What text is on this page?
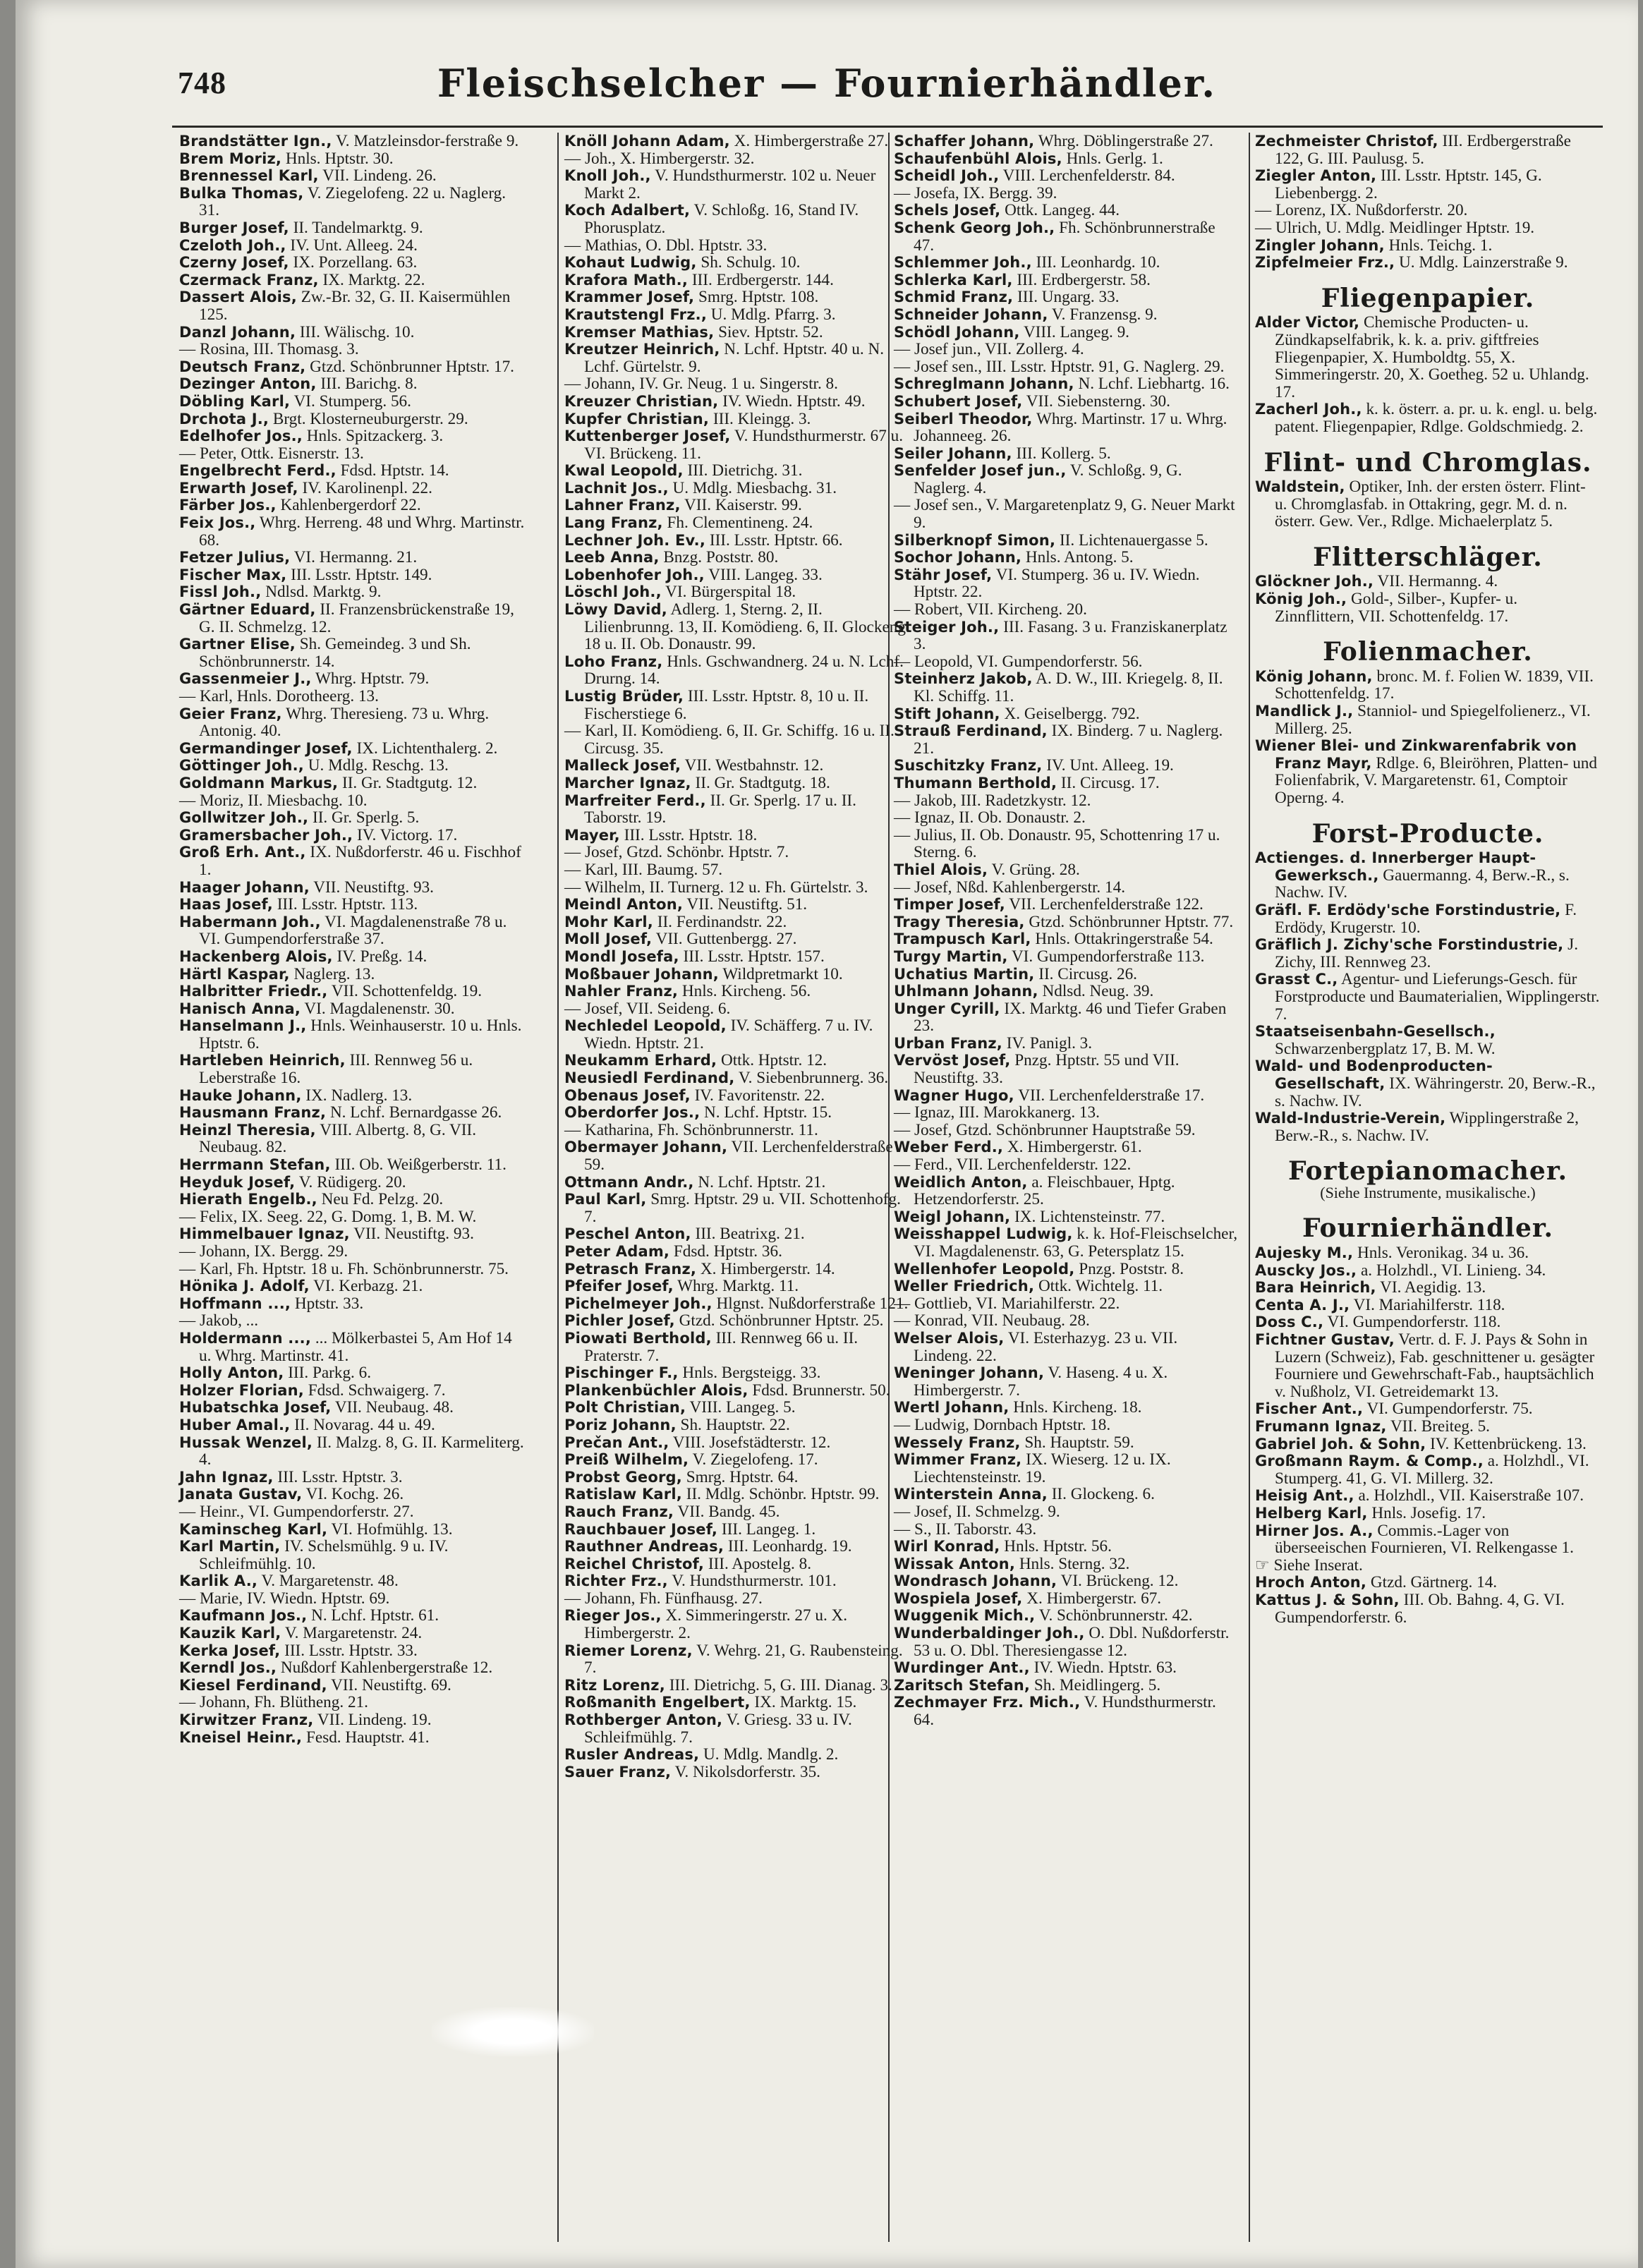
748	Fleischselcher — Fournierhändler.

Brandstätter Ign., V. Matzleinsdor-ferstraße 9.

Brem Moriz, Hnls. Hptstr. 30.

Brennessel Karl, VII. Lindeng. 26.

Bulka Thomas, V. Ziegelofeng. 22 u. Naglerg. 31.

Burger Josef, II. Tandelmarktg. 9.

Czeloth Joh., IV. Unt. Alleeg. 24.

Czerny Josef, IX. Porzellang. 63.

Czermack Franz, IX. Marktg. 22.

Dassert Alois, Zw.-Br. 32, G. II. Kaisermühlen 125.

Danzl Johann, III. Wälischg. 10.

— Rosina, III. Thomasg. 3.

Deutsch Franz, Gtzd. Schönbrunner Hptstr. 17.

Dezinger Anton, III. Barichg. 8.

Döbling Karl, VI. Stumperg. 56.

Drchota J., Brgt. Klosterneuburgerstr. 29.

Edelhofer Jos., Hnls. Spitzackerg. 3.

— Peter, Ottk. Eisnerstr. 13.

Engelbrecht Ferd., Fdsd. Hptstr. 14.

Erwarth Josef, IV. Karolinenpl. 22.

Färber Jos., Kahlenbergerdorf 22.

Feix Jos., Whrg. Herreng. 48 und Whrg. Martinstr. 68.

Fetzer Julius, VI. Hermanng. 21.

Fischer Max, III. Lsstr. Hptstr. 149.

Fissl Joh., Ndlsd. Marktg. 9.

Gärtner Eduard, II. Franzensbrückenstraße 19, G. II. Schmelzg. 12.

Gartner Elise, Sh. Gemeindeg. 3 und Sh. Schönbrunnerstr. 14.

Gassenmeier J., Whrg. Hptstr. 79.

— Karl, Hnls. Dorotheerg. 13.

Geier Franz, Whrg. Theresieng. 73 u. Whrg. Antonig. 40.

Germandinger Josef, IX. Lichtenthalerg. 2.

Göttinger Joh., U. Mdlg. Reschg. 13.

Goldmann Markus, II. Gr. Stadtgutg. 12.

— Moriz, II. Miesbachg. 10.

Gollwitzer Joh., II. Gr. Sperlg. 5.

Gramersbacher Joh., IV. Victorg. 17.

Groß Erh. Ant., IX. Nußdorferstr. 46 u. Fischhof 1.

Haager Johann, VII. Neustiftg. 93.

Haas Josef, III. Lsstr. Hptstr. 113.

Habermann Joh., VI. Magdalenenstraße 78 u. VI. Gumpendorferstraße 37.

Hackenberg Alois, IV. Preßg. 14.

Härtl Kaspar, Naglerg. 13.

Halbritter Friedr., VII. Schottenfeldg. 19.

Hanisch Anna, VI. Magdalenenstr. 30.

Hanselmann J., Hnls. Weinhauserstr. 10 u. Hnls. Hptstr. 6.

Hartleben Heinrich, III. Rennweg 56 u. Leberstraße 16.

Hauke Johann, IX. Nadlerg. 13.

Hausmann Franz, N. Lchf. Bernardgasse 26.

Heinzl Theresia, VIII. Albertg. 8, G. VII. Neubaug. 82.

Herrmann Stefan, III. Ob. Weißgerberstr. 11.

Heyduk Josef, V. Rüdigerg. 20.

Hierath Engelb., Neu Fd. Pelzg. 20.

— Felix, IX. Seeg. 22, G. Domg. 1, B. M. W.

Himmelbauer Ignaz, VII. Neustiftg. 93.

— Johann, IX. Bergg. 29.

— Karl, Fh. Hptstr. 18 u. Fh. Schönbrunnerstr. 75.

Hönika J. Adolf, VI. Kerbazg. 21.

Hoffmann ..., Hptstr. 33.

— Jakob, ...

Holdermann ..., ... Mölkerbastei 5, Am Hof 14 u. Whrg. Martinstr. 41.

Holly Anton, III. Parkg. 6.

Holzer Florian, Fdsd. Schwaigerg. 7.

Hubatschka Josef, VII. Neubaug. 48.

Huber Amal., II. Novarag. 44 u. 49.

Hussak Wenzel, II. Malzg. 8, G. II. Karmeliterg. 4.

Jahn Ignaz, III. Lsstr. Hptstr. 3.

Janata Gustav, VI. Kochg. 26.

— Heinr., VI. Gumpendorferstr. 27.

Kaminscheg Karl, VI. Hofmühlg. 13.

Karl Martin, IV. Schelsmühlg. 9 u. IV. Schleifmühlg. 10.

Karlik A., V. Margaretenstr. 48.

— Marie, IV. Wiedn. Hptstr. 69.

Kaufmann Jos., N. Lchf. Hptstr. 61.

Kauzik Karl, V. Margaretenstr. 24.

Kerka Josef, III. Lsstr. Hptstr. 33.

Kerndl Jos., Nußdorf Kahlenbergerstraße 12.

Kiesel Ferdinand, VII. Neustiftg. 69.

— Johann, Fh. Blütheng. 21.

Kirwitzer Franz, VII. Lindeng. 19.

Kneisel Heinr., Fesd. Hauptstr. 41.

Knöll Johann Adam, X. Himbergerstraße 27.

— Joh., X. Himbergerstr. 32.

Knoll Joh., V. Hundsthurmerstr. 102 u. Neuer Markt 2.

Koch Adalbert, V. Schloßg. 16, Stand IV. Phorusplatz.

— Mathias, O. Dbl. Hptstr. 33.

Kohaut Ludwig, Sh. Schulg. 10.

Krafora Math., III. Erdbergerstr. 144.

Krammer Josef, Smrg. Hptstr. 108.

Krautstengl Frz., U. Mdlg. Pfarrg. 3.

Kremser Mathias, Siev. Hptstr. 52.

Kreutzer Heinrich, N. Lchf. Hptstr. 40 u. N. Lchf. Gürtelstr. 9.

— Johann, IV. Gr. Neug. 1 u. Singerstr. 8.

Kreuzer Christian, IV. Wiedn. Hptstr. 49.

Kupfer Christian, III. Kleingg. 3.

Kuttenberger Josef, V. Hundsthurmerstr. 67 u. VI. Brückeng. 11.

Kwal Leopold, III. Dietrichg. 31.

Lachnit Jos., U. Mdlg. Miesbachg. 31.

Lahner Franz, VII. Kaiserstr. 99.

Lang Franz, Fh. Clementineng. 24.

Lechner Joh. Ev., III. Lsstr. Hptstr. 66.

Leeb Anna, Bnzg. Poststr. 80.

Lobenhofer Joh., VIII. Langeg. 33.

Löschl Joh., VI. Bürgerspital 18.

Löwy David, Adlerg. 1, Sterng. 2, II. Lilienbrunng. 13, II. Komödieng. 6, II. Glockeng. 18 u. II. Ob. Donaustr. 99.

Loho Franz, Hnls. Gschwandnerg. 24 u. N. Lchf. Drurng. 14.

Lustig Brüder, III. Lsstr. Hptstr. 8, 10 u. II. Fischerstiege 6.

— Karl, II. Komödieng. 6, II. Gr. Schiffg. 16 u. II. Circusg. 35.

Malleck Josef, VII. Westbahnstr. 12.

Marcher Ignaz, II. Gr. Stadtgutg. 18.

Marfreiter Ferd., II. Gr. Sperlg. 17 u. II. Taborstr. 19.

Mayer, III. Lsstr. Hptstr. 18.

— Josef, Gtzd. Schönbr. Hptstr. 7.

— Karl, III. Baumg. 57.

— Wilhelm, II. Turnerg. 12 u. Fh. Gürtelstr. 3.

Meindl Anton, VII. Neustiftg. 51.

Mohr Karl, II. Ferdinandstr. 22.

Moll Josef, VII. Guttenbergg. 27.

Mondl Josefa, III. Lsstr. Hptstr. 157.

Moßbauer Johann, Wildpretmarkt 10.

Nahler Franz, Hnls. Kircheng. 56.

— Josef, VII. Seideng. 6.

Nechledel Leopold, IV. Schäfferg. 7 u. IV. Wiedn. Hptstr. 21.

Neukamm Erhard, Ottk. Hptstr. 12.

Neusiedl Ferdinand, V. Siebenbrunnerg. 36.

Obenaus Josef, IV. Favoritenstr. 22.

Oberdorfer Jos., N. Lchf. Hptstr. 15.

— Katharina, Fh. Schönbrunnerstr. 11.

Obermayer Johann, VII. Lerchenfelderstraße 59.

Ottmann Andr., N. Lchf. Hptstr. 21.

Paul Karl, Smrg. Hptstr. 29 u. VII. Schottenhofg. 7.

Peschel Anton, III. Beatrixg. 21.

Peter Adam, Fdsd. Hptstr. 36.

Petrasch Franz, X. Himbergerstr. 14.

Pfeifer Josef, Whrg. Marktg. 11.

Pichelmeyer Joh., Hlgnst. Nußdorferstraße 121.

Pichler Josef, Gtzd. Schönbrunner Hptstr. 25.

Piowati Berthold, III. Rennweg 66 u. II. Praterstr. 7.

Pischinger F., Hnls. Bergsteigg. 33.

Plankenbüchler Alois, Fdsd. Brunnerstr. 50.

Polt Christian, VIII. Langeg. 5.

Poriz Johann, Sh. Hauptstr. 22.

Prečan Ant., VIII. Josefstädterstr. 12.

Preiß Wilhelm, V. Ziegelofeng. 17.

Probst Georg, Smrg. Hptstr. 64.

Ratislaw Karl, II. Mdlg. Schönbr. Hptstr. 99.

Rauch Franz, VII. Bandg. 45.

Rauchbauer Josef, III. Langeg. 1.

Rauthner Andreas, III. Leonhardg. 19.

Reichel Christof, III. Apostelg. 8.

Richter Frz., V. Hundsthurmerstr. 101.

— Johann, Fh. Fünfhausg. 27.

Rieger Jos., X. Simmeringerstr. 27 u. X. Himbergerstr. 2.

Riemer Lorenz, V. Wehrg. 21, G. Raubensteing. 7.

Ritz Lorenz, III. Dietrichg. 5, G. III. Dianag. 3.

Roßmanith Engelbert, IX. Marktg. 15.

Rothberger Anton, V. Griesg. 33 u. IV. Schleifmühlg. 7.

Rusler Andreas, U. Mdlg. Mandlg. 2.

Sauer Franz, V. Nikolsdorferstr. 35.

Schaffer Johann, Whrg. Döblingerstraße 27.

Schaufenbühl Alois, Hnls. Gerlg. 1.

Scheidl Joh., VIII. Lerchenfelderstr. 84.

— Josefa, IX. Bergg. 39.

Schels Josef, Ottk. Langeg. 44.

Schenk Georg Joh., Fh. Schönbrunnerstraße 47.

Schlemmer Joh., III. Leonhardg. 10.

Schlerka Karl, III. Erdbergerstr. 58.

Schmid Franz, III. Ungarg. 33.

Schneider Johann, V. Franzensg. 9.

Schödl Johann, VIII. Langeg. 9.

— Josef jun., VII. Zollerg. 4.

— Josef sen., III. Lsstr. Hptstr. 91, G. Naglerg. 29.

Schreglmann Johann, N. Lchf. Liebhartg. 16.

Schubert Josef, VII. Siebensterng. 30.

Seiberl Theodor, Whrg. Martinstr. 17 u. Whrg. Johanneeg. 26.

Seiler Johann, III. Kollerg. 5.

Senfelder Josef jun., V. Schloßg. 9, G. Naglerg. 4.

— Josef sen., V. Margaretenplatz 9, G. Neuer Markt 9.

Silberknopf Simon, II. Lichtenauergasse 5.

Sochor Johann, Hnls. Antong. 5.

Stähr Josef, VI. Stumperg. 36 u. IV. Wiedn. Hptstr. 22.

— Robert, VII. Kircheng. 20.

Steiger Joh., III. Fasang. 3 u. Franziskanerplatz 3.

— Leopold, VI. Gumpendorferstr. 56.

Steinherz Jakob, A. D. W., III. Kriegelg. 8, II. Kl. Schiffg. 11.

Stift Johann, X. Geiselbergg. 792.

Strauß Ferdinand, IX. Binderg. 7 u. Naglerg. 21.

Suschitzky Franz, IV. Unt. Alleeg. 19.

Thumann Berthold, II. Circusg. 17.

— Jakob, III. Radetzkystr. 12.

— Ignaz, II. Ob. Donaustr. 2.

— Julius, II. Ob. Donaustr. 95, Schottenring 17 u. Sterng. 6.

Thiel Alois, V. Grüng. 28.

— Josef, Nßd. Kahlenbergerstr. 14.

Timper Josef, VII. Lerchenfelderstraße 122.

Tragy Theresia, Gtzd. Schönbrunner Hptstr. 77.

Trampusch Karl, Hnls. Ottakringerstraße 54.

Turgy Martin, VI. Gumpendorferstraße 113.

Uchatius Martin, II. Circusg. 26.

Uhlmann Johann, Ndlsd. Neug. 39.

Unger Cyrill, IX. Marktg. 46 und Tiefer Graben 23.

Urban Franz, IV. Panigl. 3.

Vervöst Josef, Pnzg. Hptstr. 55 und VII. Neustiftg. 33.

Wagner Hugo, VII. Lerchenfelderstraße 17.

— Ignaz, III. Marokkanerg. 13.

— Josef, Gtzd. Schönbrunner Hauptstraße 59.

Weber Ferd., X. Himbergerstr. 61.

— Ferd., VII. Lerchenfelderstr. 122.

Weidlich Anton, a. Fleischbauer, Hptg. Hetzendorferstr. 25.

Weigl Johann, IX. Lichtensteinstr. 77.

Weisshappel Ludwig, k. k. Hof-Fleischselcher, VI. Magdalenenstr. 63, G. Petersplatz 15.

Wellenhofer Leopold, Pnzg. Poststr. 8.

Weller Friedrich, Ottk. Wichtelg. 11.

— Gottlieb, VI. Mariahilferstr. 22.

— Konrad, VII. Neubaug. 28.

Welser Alois, VI. Esterhazyg. 23 u. VII. Lindeng. 22.

Weninger Johann, V. Haseng. 4 u. X. Himbergerstr. 7.

Wertl Johann, Hnls. Kircheng. 18.

— Ludwig, Dornbach Hptstr. 18.

Wessely Franz, Sh. Hauptstr. 59.

Wimmer Franz, IX. Wieserg. 12 u. IX. Liechtensteinstr. 19.

Winterstein Anna, II. Glockeng. 6.

— Josef, II. Schmelzg. 9.

— S., II. Taborstr. 43.

Wirl Konrad, Hnls. Hptstr. 56.

Wissak Anton, Hnls. Sterng. 32.

Wondrasch Johann, VI. Brückeng. 12.

Wospiela Josef, X. Himbergerstr. 67.

Wuggenik Mich., V. Schönbrunnerstr. 42.

Wunderbaldinger Joh., O. Dbl. Nußdorferstr. 53 u. O. Dbl. Theresiengasse 12.

Wurdinger Ant., IV. Wiedn. Hptstr. 63.

Zaritsch Stefan, Sh. Meidlingerg. 5.

Zechmayer Frz. Mich., V. Hundsthurmerstr. 64.

Zechmeister Christof, III. Erdbergerstraße 122, G. III. Paulusg. 5.

Ziegler Anton, III. Lsstr. Hptstr. 145, G. Liebenbergg. 2.

— Lorenz, IX. Nußdorferstr. 20.

— Ulrich, U. Mdlg. Meidlinger Hptstr. 19.

Zingler Johann, Hnls. Teichg. 1.

Zipfelmeier Frz., U. Mdlg. Lainzerstraße 9.

Fliegenpapier.

Alder Victor, Chemische Producten- u. Zündkapselfabrik, k. k. a. priv. giftfreies Fliegenpapier, X. Humboldtg. 55, X. Simmeringerstr. 20, X. Goetheg. 52 u. Uhlandg. 17.

Zacherl Joh., k. k. österr. a. pr. u. k. engl. u. belg. patent. Fliegenpapier, Rdlge. Goldschmiedg. 2.

Flint- und Chromglas.

Waldstein, Optiker, Inh. der ersten österr. Flint- u. Chromglasfab. in Ottakring, gegr. M. d. n. österr. Gew. Ver., Rdlge. Michaelerplatz 5.

Flitterschläger.

Glöckner Joh., VII. Hermanng. 4.

König Joh., Gold-, Silber-, Kupfer- u. Zinnflittern, VII. Schottenfeldg. 17.

Folienmacher.

König Johann, bronc. M. f. Folien W. 1839, VII. Schottenfeldg. 17.

Mandlick J., Stanniol- und Spiegelfolienerz., VI. Millerg. 25.

Wiener Blei- und Zinkwarenfabrik von Franz Mayr, Rdlge. 6, Bleiröhren, Platten- und Folienfabrik, V. Margaretenstr. 61, Comptoir Operng. 4.

Forst-Producte.

Actienges. d. Innerberger Haupt-Gewerksch., Gauermanng. 4, Berw.-R., s. Nachw. IV.

Gräfl. F. Erdödy'sche Forstindustrie, F. Erdödy, Krugerstr. 10.

Gräflich J. Zichy'sche Forstindustrie, J. Zichy, III. Rennweg 23.

Grasst C., Agentur- und Lieferungs-Gesch. für Forstproducte und Baumaterialien, Wipplingerstr. 7.

Staatseisenbahn-Gesellsch., Schwarzenbergplatz 17, B. M. W.

Wald- und Bodenproducten-Gesellschaft, IX. Währingerstr. 20, Berw.-R., s. Nachw. IV.

Wald-Industrie-Verein, Wipplingerstraße 2, Berw.-R., s. Nachw. IV.

Fortepianomacher.
(Siehe Instrumente, musikalische.)
Fournierhändler.

Aujesky M., Hnls. Veronikag. 34 u. 36.

Auscky Jos., a. Holzhdl., VI. Linieng. 34.

Bara Heinrich, VI. Aegidig. 13.

Centa A. J., VI. Mariahilferstr. 118.

Doss C., VI. Gumpendorferstr. 118.

Fichtner Gustav, Vertr. d. F. J. Pays & Sohn in Luzern (Schweiz), Fab. geschnittener u. gesägter Fourniere und Gewehrschaft-Fab., hauptsächlich v. Nußholz, VI. Getreidemarkt 13.

Fischer Ant., VI. Gumpendorferstr. 75.

Frumann Ignaz, VII. Breiteg. 5.

Gabriel Joh. & Sohn, IV. Kettenbrückeng. 13.

Großmann Raym. & Comp., a. Holzhdl., VI. Stumperg. 41, G. VI. Millerg. 32.

Heisig Ant., a. Holzhdl., VII. Kaiserstraße 107.

Helberg Karl, Hnls. Josefig. 17.

Hirner Jos. A., Commis.-Lager von überseeischen Fournieren, VI. Relkengasse 1.

☞ Siehe Inserat.

Hroch Anton, Gtzd. Gärtnerg. 14.

Kattus J. & Sohn, III. Ob. Bahng. 4, G. VI. Gumpendorferstr. 6.
